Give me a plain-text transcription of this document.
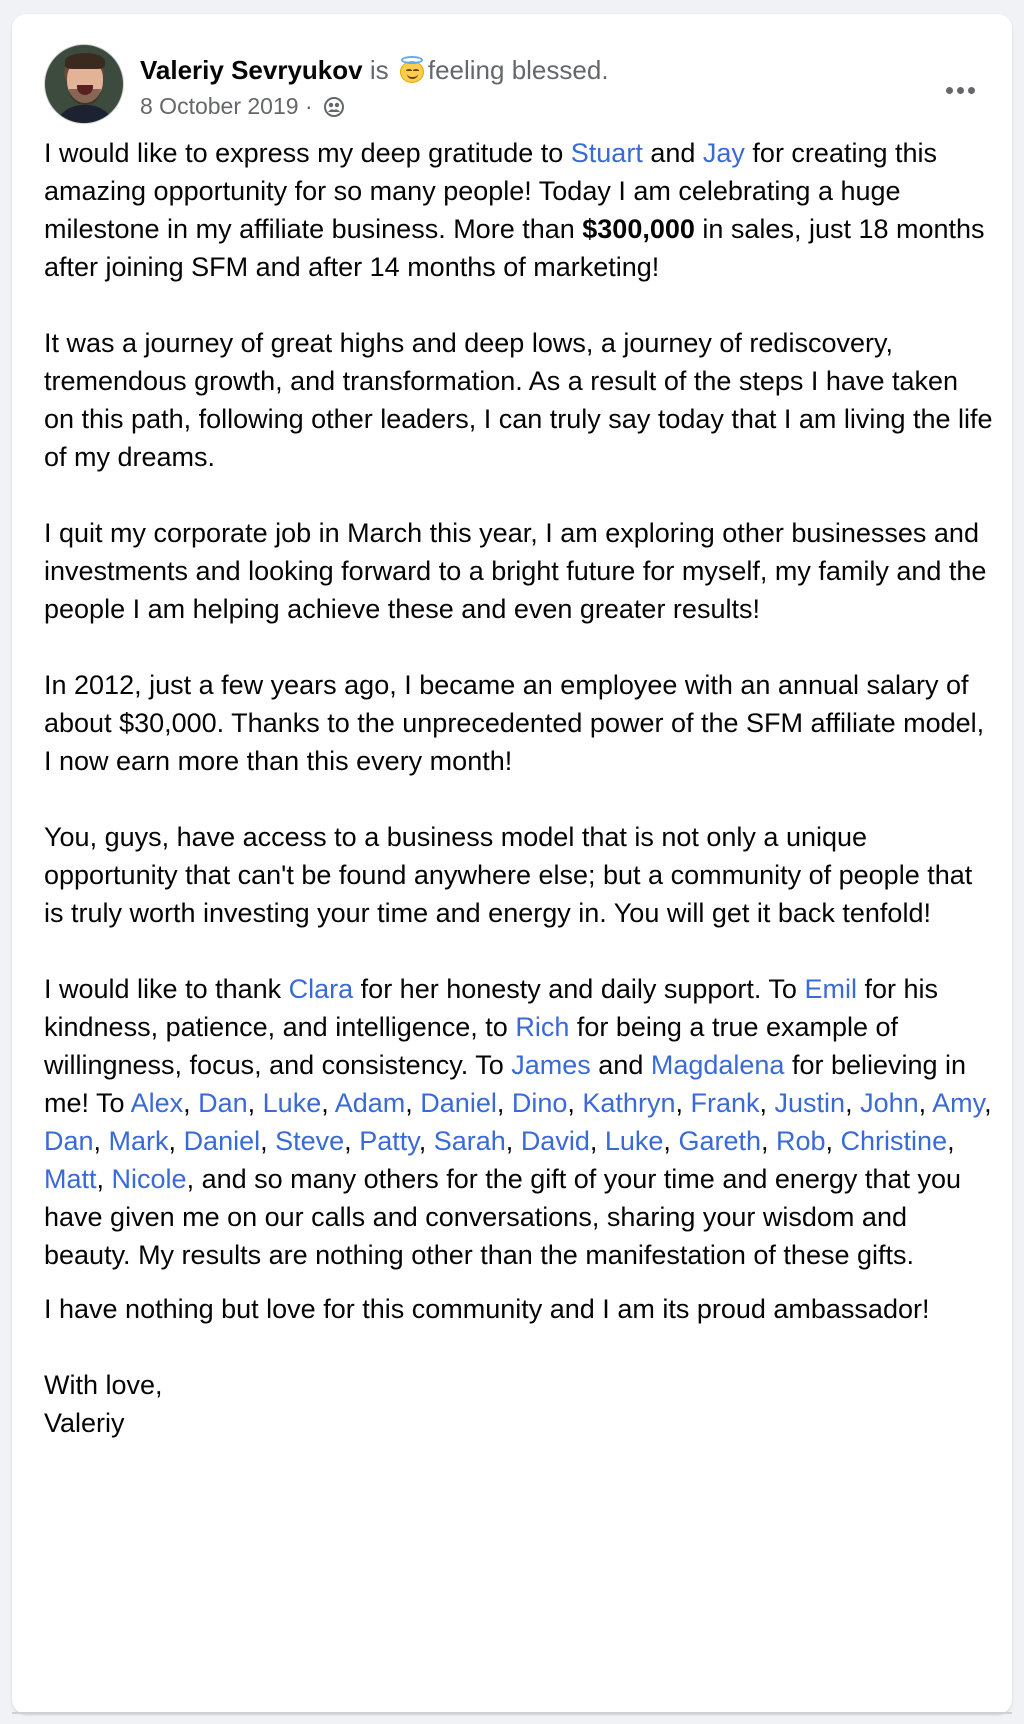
Valeriy Sevryukov is feeling blessed.
8 October 2019 ·

I would like to express my deep gratitude to Stuart and Jay for creating this amazing opportunity for so many people! Today I am celebrating a huge milestone in my affiliate business. More than $300,000 in sales, just 18 months after joining SFM and after 14 months of marketing!

It was a journey of great highs and deep lows, a journey of rediscovery, tremendous growth, and transformation. As a result of the steps I have taken on this path, following other leaders, I can truly say today that I am living the life of my dreams.

I quit my corporate job in March this year, I am exploring other businesses and investments and looking forward to a bright future for myself, my family and the people I am helping achieve these and even greater results!

In 2012, just a few years ago, I became an employee with an annual salary of about $30,000. Thanks to the unprecedented power of the SFM affiliate model, I now earn more than this every month!

You, guys, have access to a business model that is not only a unique opportunity that can't be found anywhere else; but a community of people that is truly worth investing your time and energy in. You will get it back tenfold!

I would like to thank Clara for her honesty and daily support. To Emil for his kindness, patience, and intelligence, to Rich for being a true example of willingness, focus, and consistency. To James and Magdalena for believing in me! To Alex, Dan, Luke, Adam, Daniel, Dino, Kathryn, Frank, Justin, John, Amy, Dan, Mark, Daniel, Steve, Patty, Sarah, David, Luke, Gareth, Rob, Christine, Matt, Nicole, and so many others for the gift of your time and energy that you have given me on our calls and conversations, sharing your wisdom and beauty. My results are nothing other than the manifestation of these gifts.

I have nothing but love for this community and I am its proud ambassador!

With love,

Valeriy
